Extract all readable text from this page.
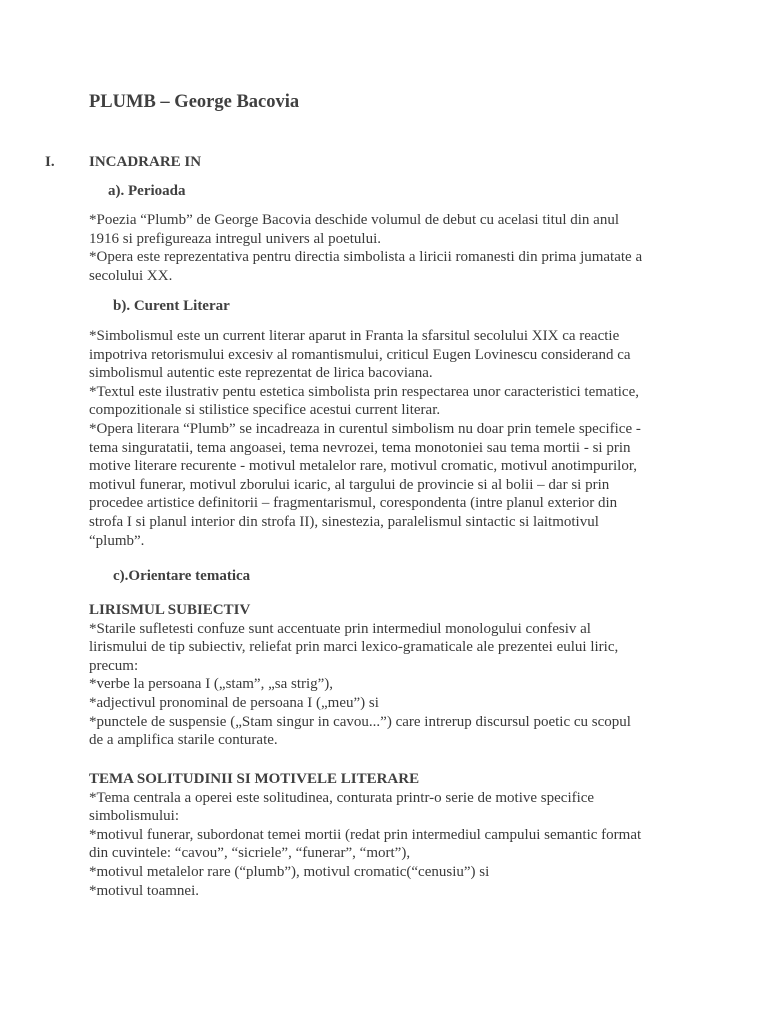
PLUMB – George Bacovia
I. INCADRARE IN
a). Perioada
*Poezia “Plumb” de George Bacovia deschide volumul de debut cu acelasi titul din anul
1916 si prefigureaza intregul univers al poetului.
*Opera este reprezentativa pentru directia simbolista a liricii romanesti din prima jumatate a
secolului XX.
b). Curent Literar
*Simbolismul este un current literar aparut in Franta la sfarsitul secolului XIX ca reactie
impotriva retorismului excesiv al romantismului, criticul Eugen Lovinescu considerand ca
simbolismul autentic este reprezentat de lirica bacoviana.
*Textul este ilustrativ pentu estetica simbolista prin respectarea unor caracteristici tematice,
compozitionale si stilistice specifice acestui current literar.
*Opera literara “Plumb” se incadreaza in curentul simbolism nu doar prin temele specifice -
tema singuratatii, tema angoasei, tema nevrozei, tema monotoniei sau tema mortii - si prin
motive literare recurente - motivul metalelor rare, motivul cromatic, motivul anotimpurilor,
motivul funerar, motivul zborului icaric, al targului de provincie si al bolii – dar si prin
procedee artistice definitorii – fragmentarismul, corespondenta (intre planul exterior din
strofa I si planul interior din strofa II), sinestezia, paralelismul sintactic si laitmotivul
“plumb”.
c).Orientare tematica
LIRISMUL SUBIECTIV
*Starile sufletesti confuze sunt accentuate prin intermediul monologului confesiv al
lirismului de tip subiectiv, reliefat prin marci lexico-gramaticale ale prezentei eului liric,
precum:
*verbe la persoana I („stam”, „sa strig”),
*adjectivul pronominal de persoana I („meu”) si
*punctele de suspensie („Stam singur in cavou...”) care intrerup discursul poetic cu scopul
de a amplifica starile conturate.
TEMA SOLITUDINII SI MOTIVELE LITERARE
*Tema centrala a operei este solitudinea, conturata printr-o serie de motive specifice
simbolismului:
*motivul funerar, subordonat temei mortii (redat prin intermediul campului semantic format
din cuvintele: “cavou”, “sicriele”, “funerar”, “mort”),
*motivul metalelor rare (“plumb”), motivul cromatic(“cenusiu”) si
*motivul toamnei.
